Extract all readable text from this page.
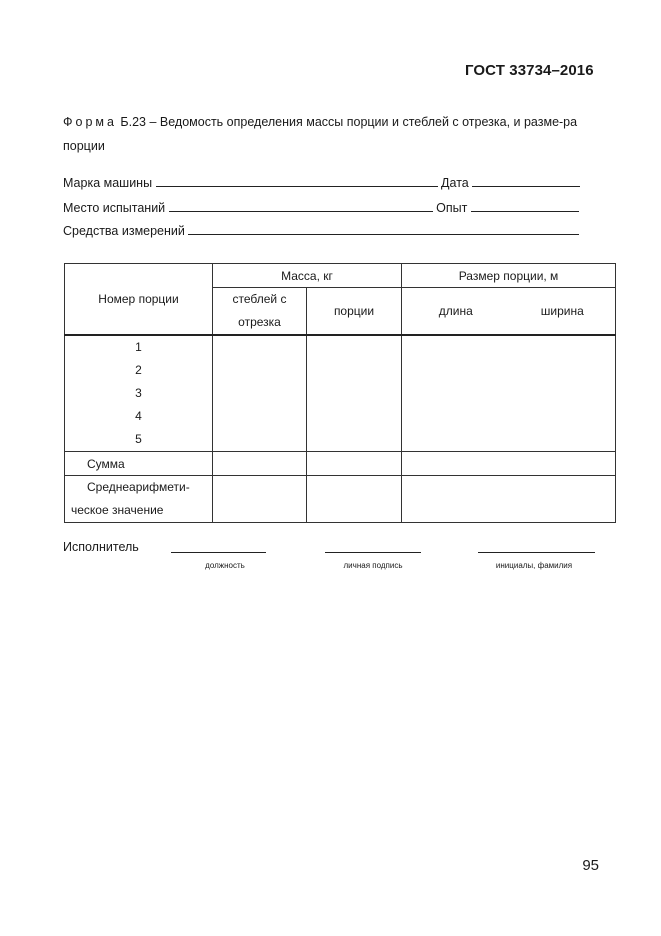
ГОСТ 33734–2016
Форма Б.23 – Ведомость определения массы порции и стеблей с отрезка, и разме-ра порции
Марка машины	Дата
Место испытаний	Опыт
Средства измерений
Номер порции	Масса, кг		Размер порции, м	
	стеблей с отрезка	порции	длина	ширина

1
2
3
4
5				

Сумма				
Среднеарифмети-ческое значение				
Исполнитель
должность	личная подпись	инициалы, фамилия
95
